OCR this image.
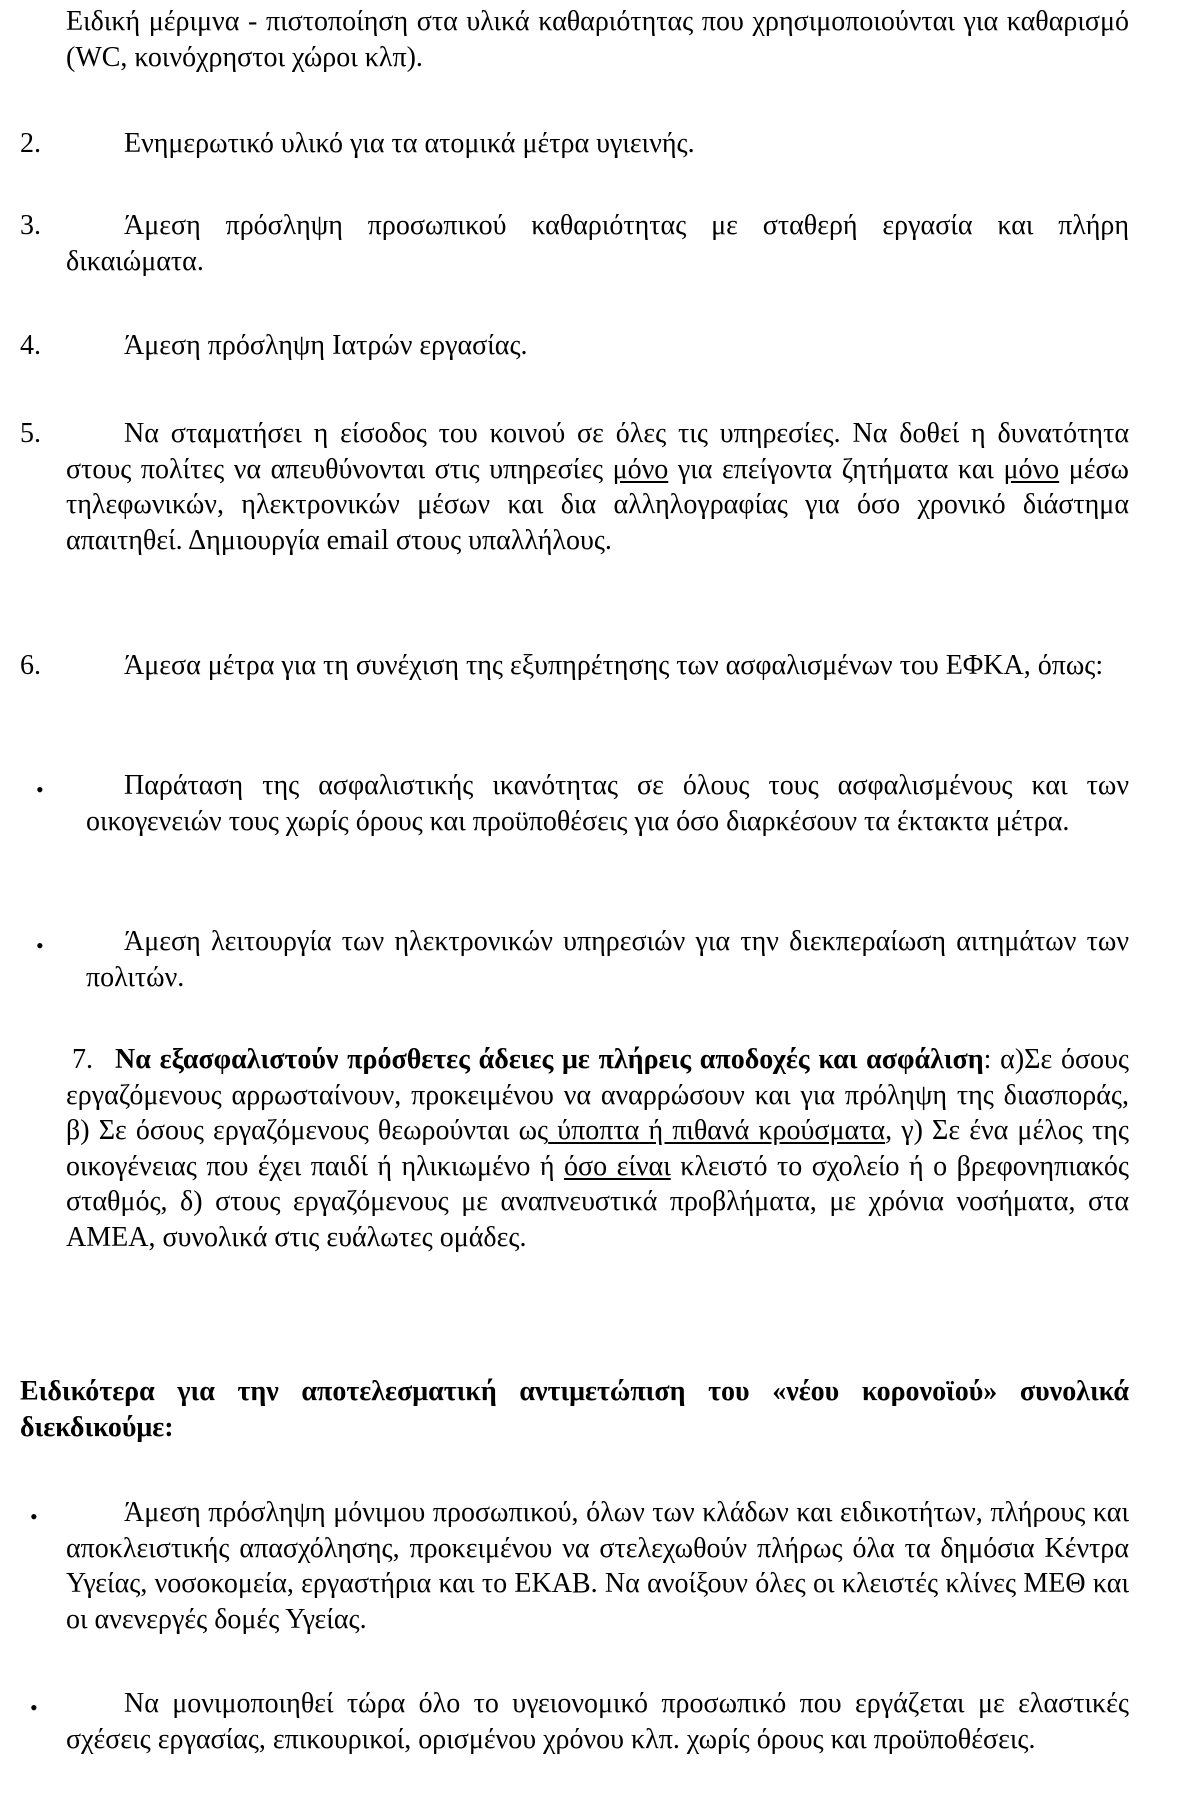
Ειδική μέριμνα - πιστοποίηση στα υλικά καθαριότητας που χρησιμοποιούνται για καθαρισμό (WC, κοινόχρηστοι χώροι κλπ).
2.	Ενημερωτικό υλικό για τα ατομικά μέτρα υγιεινής.
3.	Άμεση πρόσληψη προσωπικού καθαριότητας με σταθερή εργασία και πλήρη δικαιώματα.
4.	Άμεση πρόσληψη Ιατρών εργασίας.
5.	Να σταματήσει η είσοδος του κοινού σε όλες τις υπηρεσίες. Να δοθεί η δυνατότητα στους πολίτες να απευθύνονται στις υπηρεσίες μόνο για επείγοντα ζητήματα και μόνο μέσω τηλεφωνικών, ηλεκτρονικών μέσων και δια αλληλογραφίας για όσο χρονικό διάστημα απαιτηθεί. Δημιουργία email στους υπαλλήλους.
6.	Άμεσα μέτρα για τη συνέχιση της εξυπηρέτησης των ασφαλισμένων του ΕΦΚΑ, όπως:
•	Παράταση της ασφαλιστικής ικανότητας σε όλους τους ασφαλισμένους και των οικογενειών τους χωρίς όρους και προϋποθέσεις για όσο διαρκέσουν τα έκτακτα μέτρα.
•	Άμεση λειτουργία των ηλεκτρονικών υπηρεσιών για την διεκπεραίωση αιτημάτων των πολιτών.
7. Να εξασφαλιστούν πρόσθετες άδειες με πλήρεις αποδοχές και ασφάλιση: α)Σε όσους εργαζόμενους αρρωσταίνουν, προκειμένου να αναρρώσουν και για πρόληψη της διασποράς, β) Σε όσους εργαζόμενους θεωρούνται ως ύποπτα ή πιθανά κρούσματα, γ) Σε ένα μέλος της οικογένειας που έχει παιδί ή ηλικιωμένο ή όσο είναι κλειστό το σχολείο ή ο βρεφονηπιακός σταθμός, δ) στους εργαζόμενους με αναπνευστικά προβλήματα, με χρόνια νοσήματα, στα ΑΜΕΑ, συνολικά στις ευάλωτες ομάδες.
Ειδικότερα για την αποτελεσματική αντιμετώπιση του «νέου κορονοϊού» συνολικά διεκδικούμε:
•	Άμεση πρόσληψη μόνιμου προσωπικού, όλων των κλάδων και ειδικοτήτων, πλήρους και αποκλειστικής απασχόλησης, προκειμένου να στελεχωθούν πλήρως όλα τα δημόσια Κέντρα Υγείας, νοσοκομεία, εργαστήρια και το ΕΚΑΒ. Να ανοίξουν όλες οι κλειστές κλίνες ΜΕΘ και οι ανενεργές δομές Υγείας.
•	Να μονιμοποιηθεί τώρα όλο το υγειονομικό προσωπικό που εργάζεται με ελαστικές σχέσεις εργασίας, επικουρικοί, ορισμένου χρόνου κλπ. χωρίς όρους και προϋποθέσεις.
